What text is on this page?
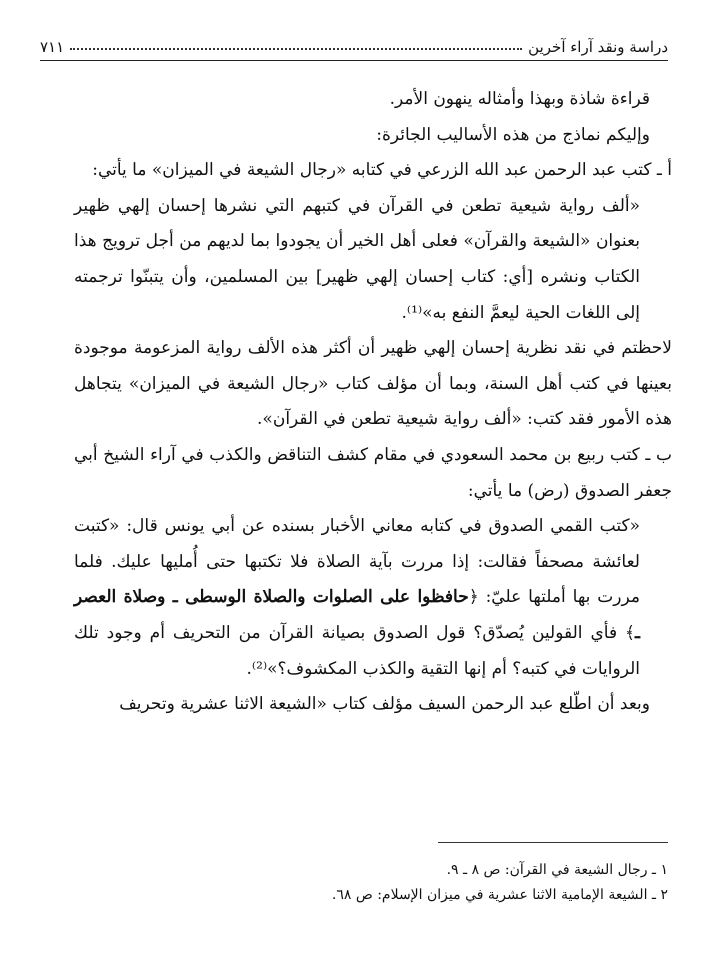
دراسة ونقد آراء آخرين
٧١١

قراءة شاذة وبهذا وأمثاله ينهون الأمر.

وإليكم نماذج من هذه الأساليب الجائرة:

أ ـ كتب عبد الرحمن عبد الله الزرعي في كتابه «رجال الشيعة في الميزان» ما يأتي:

«ألف رواية شيعية تطعن في القرآن في كتبهم التي نشرها إحسان إلهي ظهير بعنوان «الشيعة والقرآن» فعلى أهل الخير أن يجودوا بما لديهم من أجل ترويج هذا الكتاب ونشره [أي: كتاب إحسان إلهي ظهير] بين المسلمين، وأن يتبنّوا ترجمته إلى اللغات الحية ليعمَّ النفع به»⁽¹⁾.

لاحظتم في نقد نظرية إحسان إلهي ظهير أن أكثر هذه الألف رواية المزعومة موجودة بعينها في كتب أهل السنة، وبما أن مؤلف كتاب «رجال الشيعة في الميزان» يتجاهل هذه الأمور فقد كتب: «ألف رواية شيعية تطعن في القرآن».

ب ـ كتب ربيع بن محمد السعودي في مقام كشف التناقض والكذب في آراء الشيخ أبي جعفر الصدوق (رض) ما يأتي:

«كتب القمي الصدوق في كتابه معاني الأخبار بسنده عن أبي يونس قال: «كتبت لعائشة مصحفاً فقالت: إذا مررت بآية الصلاة فلا تكتبها حتى أُمليها عليك. فلما مررت بها أملتها عليّ: ﴿حافظوا على الصلوات والصلاة الوسطى ـ وصلاة العصر ـ﴾ فأي القولين يُصدّق؟ قول الصدوق بصيانة القرآن من التحريف أم وجود تلك الروايات في كتبه؟ أم إنها التقية والكذب المكشوف؟»⁽²⁾.

وبعد أن اطّلع عبد الرحمن السيف مؤلف كتاب «الشيعة الاثنا عشرية وتحريف

١ ـ رجال الشيعة في القرآن: ص ٨ ـ ٩.

٢ ـ الشيعة الإمامية الاثنا عشرية في ميزان الإسلام: ص ٦٨.
